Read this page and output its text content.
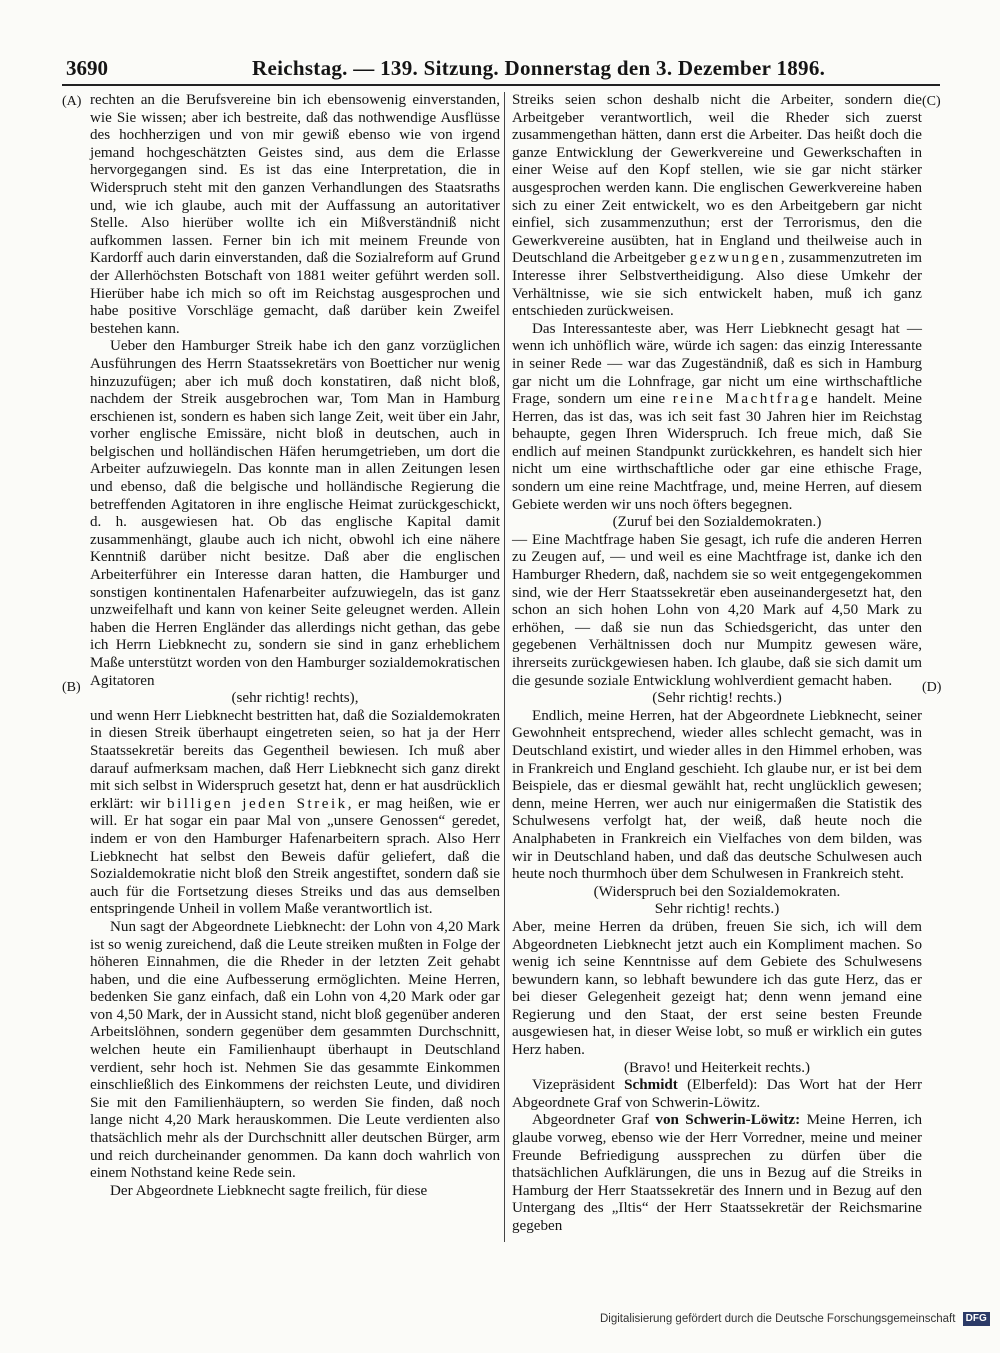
3690	Reichstag. — 139. Sitzung. Donnerstag den 3. Dezember 1896.
(A)
(B)
(C)
(D)

rechten an die Berufsvereine bin ich ebensowenig einverstanden, wie Sie wissen; aber ich bestreite, daß das nothwendige Ausflüsse des hochherzigen und von mir gewiß ebenso wie von irgend jemand hochgeschätzten Geistes sind, aus dem die Erlasse hervorgegangen sind. Es ist das eine Interpretation, die in Widerspruch steht mit den ganzen Verhandlungen des Staatsraths und, wie ich glaube, auch mit der Auffassung an autoritativer Stelle. Also hierüber wollte ich ein Mißverständniß nicht aufkommen lassen. Ferner bin ich mit meinem Freunde von Kardorff auch darin einverstanden, daß die Sozialreform auf Grund der Allerhöchsten Botschaft von 1881 weiter geführt werden soll. Hierüber habe ich mich so oft im Reichstag ausgesprochen und habe positive Vorschläge gemacht, daß darüber kein Zweifel bestehen kann.

Ueber den Hamburger Streik habe ich den ganz vorzüglichen Ausführungen des Herrn Staatssekretärs von Boetticher nur wenig hinzuzufügen; aber ich muß doch konstatiren, daß nicht bloß, nachdem der Streik ausgebrochen war, Tom Man in Hamburg erschienen ist, sondern es haben sich lange Zeit, weit über ein Jahr, vorher englische Emissäre, nicht bloß in deutschen, auch in belgischen und holländischen Häfen herumgetrieben, um dort die Arbeiter aufzuwiegeln. Das konnte man in allen Zeitungen lesen und ebenso, daß die belgische und holländische Regierung die betreffenden Agitatoren in ihre englische Heimat zurückgeschickt, d. h. ausgewiesen hat. Ob das englische Kapital damit zusammenhängt, glaube auch ich nicht, obwohl ich eine nähere Kenntniß darüber nicht besitze. Daß aber die englischen Arbeiterführer ein Interesse daran hatten, die Hamburger und sonstigen kontinentalen Hafenarbeiter aufzuwiegeln, das ist ganz unzweifelhaft und kann von keiner Seite geleugnet werden. Allein haben die Herren Engländer das allerdings nicht gethan, das gebe ich Herrn Liebknecht zu, sondern sie sind in ganz erheblichem Maße unterstützt worden von den Hamburger sozialdemokratischen Agitatoren

(sehr richtig! rechts),

und wenn Herr Liebknecht bestritten hat, daß die Sozialdemokraten in diesen Streik überhaupt eingetreten seien, so hat ja der Herr Staatssekretär bereits das Gegentheil bewiesen. Ich muß aber darauf aufmerksam machen, daß Herr Liebknecht sich ganz direkt mit sich selbst in Widerspruch gesetzt hat, denn er hat ausdrücklich erklärt: wir billigen jeden Streik, er mag heißen, wie er will. Er hat sogar ein paar Mal von „unsere Genossen“ geredet, indem er von den Hamburger Hafenarbeitern sprach. Also Herr Liebknecht hat selbst den Beweis dafür geliefert, daß die Sozialdemokratie nicht bloß den Streik angestiftet, sondern daß sie auch für die Fortsetzung dieses Streiks und das aus demselben entspringende Unheil in vollem Maße verantwortlich ist.

Nun sagt der Abgeordnete Liebknecht: der Lohn von 4,20 Mark ist so wenig zureichend, daß die Leute streiken mußten in Folge der höheren Einnahmen, die die Rheder in der letzten Zeit gehabt haben, und die eine Aufbesserung ermöglichten. Meine Herren, bedenken Sie ganz einfach, daß ein Lohn von 4,20 Mark oder gar von 4,50 Mark, der in Aussicht stand, nicht bloß gegenüber anderen Arbeitslöhnen, sondern gegenüber dem gesammten Durchschnitt, welchen heute ein Familienhaupt überhaupt in Deutschland verdient, sehr hoch ist. Nehmen Sie das gesammte Einkommen einschließlich des Einkommens der reichsten Leute, und dividiren Sie mit den Familienhäuptern, so werden Sie finden, daß noch lange nicht 4,20 Mark herauskommen. Die Leute verdienten also thatsächlich mehr als der Durchschnitt aller deutschen Bürger, arm und reich durcheinander genommen. Da kann doch wahrlich von einem Nothstand keine Rede sein.

Der Abgeordnete Liebknecht sagte freilich, für diese

Streiks seien schon deshalb nicht die Arbeiter, sondern die Arbeitgeber verantwortlich, weil die Rheder sich zuerst zusammengethan hätten, dann erst die Arbeiter. Das heißt doch die ganze Entwicklung der Gewerkvereine und Gewerkschaften in einer Weise auf den Kopf stellen, wie sie gar nicht stärker ausgesprochen werden kann. Die englischen Gewerkvereine haben sich zu einer Zeit entwickelt, wo es den Arbeitgebern gar nicht einfiel, sich zusammenzuthun; erst der Terrorismus, den die Gewerkvereine ausübten, hat in England und theilweise auch in Deutschland die Arbeitgeber gezwungen, zusammenzutreten im Interesse ihrer Selbstvertheidigung. Also diese Umkehr der Verhältnisse, wie sie sich entwickelt haben, muß ich ganz entschieden zurückweisen.

Das Interessanteste aber, was Herr Liebknecht gesagt hat — wenn ich unhöflich wäre, würde ich sagen: das einzig Interessante in seiner Rede — war das Zugeständniß, daß es sich in Hamburg gar nicht um die Lohnfrage, gar nicht um eine wirthschaftliche Frage, sondern um eine reine Machtfrage handelt. Meine Herren, das ist das, was ich seit fast 30 Jahren hier im Reichstag behaupte, gegen Ihren Widerspruch. Ich freue mich, daß Sie endlich auf meinen Standpunkt zurückkehren, es handelt sich hier nicht um eine wirthschaftliche oder gar eine ethische Frage, sondern um eine reine Machtfrage, und, meine Herren, auf diesem Gebiete werden wir uns noch öfters begegnen.

(Zuruf bei den Sozialdemokraten.)

— Eine Machtfrage haben Sie gesagt, ich rufe die anderen Herren zu Zeugen auf, — und weil es eine Machtfrage ist, danke ich den Hamburger Rhedern, daß, nachdem sie so weit entgegengekommen sind, wie der Herr Staatssekretär eben auseinandergesetzt hat, den schon an sich hohen Lohn von 4,20 Mark auf 4,50 Mark zu erhöhen, — daß sie nun das Schiedsgericht, das unter den gegebenen Verhältnissen doch nur Mumpitz gewesen wäre, ihrerseits zurückgewiesen haben. Ich glaube, daß sie sich damit um die gesunde soziale Entwicklung wohlverdient gemacht haben.

(Sehr richtig! rechts.)

Endlich, meine Herren, hat der Abgeordnete Liebknecht, seiner Gewohnheit entsprechend, wieder alles schlecht gemacht, was in Deutschland existirt, und wieder alles in den Himmel erhoben, was in Frankreich und England geschieht. Ich glaube nur, er ist bei dem Beispiele, das er diesmal gewählt hat, recht unglücklich gewesen; denn, meine Herren, wer auch nur einigermaßen die Statistik des Schulwesens verfolgt hat, der weiß, daß heute noch die Analphabeten in Frankreich ein Vielfaches von dem bilden, was wir in Deutschland haben, und daß das deutsche Schulwesen auch heute noch thurmhoch über dem Schulwesen in Frankreich steht.

(Widerspruch bei den Sozialdemokraten.

Sehr richtig! rechts.)

Aber, meine Herren da drüben, freuen Sie sich, ich will dem Abgeordneten Liebknecht jetzt auch ein Kompliment machen. So wenig ich seine Kenntnisse auf dem Gebiete des Schulwesens bewundern kann, so lebhaft bewundere ich das gute Herz, das er bei dieser Gelegenheit gezeigt hat; denn wenn jemand eine Regierung und den Staat, der erst seine besten Freunde ausgewiesen hat, in dieser Weise lobt, so muß er wirklich ein gutes Herz haben.

(Bravo! und Heiterkeit rechts.)

Vizepräsident Schmidt (Elberfeld): Das Wort hat der Herr Abgeordnete Graf von Schwerin-Löwitz.

Abgeordneter Graf von Schwerin-Löwitz: Meine Herren, ich glaube vorweg, ebenso wie der Herr Vorredner, meine und meiner Freunde Befriedigung aussprechen zu dürfen über die thatsächlichen Aufklärungen, die uns in Bezug auf die Streiks in Hamburg der Herr Staatssekretär des Innern und in Bezug auf den Untergang des „Iltis“ der Herr Staatssekretär der Reichsmarine gegeben

Digitalisierung gefördert durch die Deutsche Forschungsgemeinschaft DFG
